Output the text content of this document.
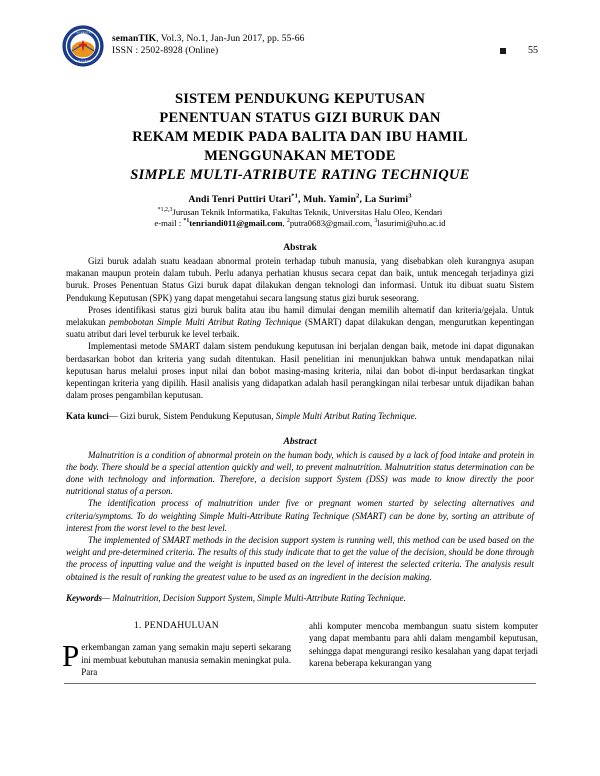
UNIVERSITAS
HALU OLEO
semanTIK, Vol.3, No.1, Jan-Jun 2017, pp. 55-66
ISSN : 2502-8928 (Online)	55
SISTEM PENDUKUNG KEPUTUSAN
PENENTUAN STATUS GIZI BURUK DAN
REKAM MEDIK PADA BALITA DAN IBU HAMIL
MENGGUNAKAN METODE
SIMPLE MULTI-ATRIBUTE RATING TECHNIQUE
Andi Tenri Puttiri Utari$^{*1}$, Muh. Yamin$^2$, La Surimi$^3$
$^{*1,2,3}$Jurusan Teknik Informatika, Fakultas Teknik, Universitas Halu Oleo, Kendari
e-mail : $^{*1}$tenriandi011@gmail.com, $^2$putra0683@gmail.com, $^3$lasurimi@uho.ac.id
Abstrak

Gizi buruk adalah suatu keadaan abnormal protein terhadap tubuh manusia, yang disebabkan oleh kurangnya asupan makanan maupun protein dalam tubuh. Perlu adanya perhatian khusus secara cepat dan baik, untuk mencegah terjadinya gizi buruk. Proses Penentuan Status Gizi buruk dapat dilakukan dengan teknologi dan informasi. Untuk itu dibuat suatu Sistem Pendukung Keputusan (SPK) yang dapat mengetahui secara langsung status gizi buruk seseorang.

Proses identifikasi status gizi buruk balita atau ibu hamil dimulai dengan memilih altematif dan kriteria/gejala. Untuk melakukan pembobotan Simple Multi Atribut Rating Technique (SMART) dapat dilakukan dengan, mengurutkan kepentingan suatu atribut dari level terburuk ke level terbaik.

Implementasi metode SMART dalam sistem pendukung keputusan ini berjalan dengan baik, metode ini dapat digunakan berdasarkan bobot dan kriteria yang sudah ditentukan. Hasil penelitian ini menunjukkan bahwa untuk mendapatkan nilai keputusan harus melalui proses input nilai dan bobot masing-masing kriteria, nilai dan bobot di-input berdasarkan tingkat kepentingan kriteria yang dipilih. Hasil analisis yang didapatkan adalah hasil perangkingan nilai terbesar untuk dijadikan bahan dalam proses pengambilan keputusan.

Kata kunci— Gizi buruk, Sistem Pendukung Keputusan, Simple Multi Atribut Rating Technique.
Abstract

Malnutrition is a condition of abnormal protein on the human body, which is caused by a lack of food intake and protein in the body. There should be a special attention quickly and well, to prevent malnutrition. Malnutrition status determination can be done with technology and information. Therefore, a decision support System (DSS) was made to know directly the poor nutritional status of a person.

The identification process of malnutrition under five or pregnant women started by selecting alternatives and criteria/symptoms. To do weighting Simple Multi-Attribute Rating Technique (SMART) can be done by, sorting an attribute of interest from the worst level to the best level.

The implemented of SMART methods in the decision support system is running well, this method can be used based on the weight and pre-determined criteria. The results of this study indicate that to get the value of the decision, should be done through the process of inputting value and the weight is inputted based on the level of interest the selected criteria. The analysis result obtained is the result of ranking the greatest value to be used as an ingredient in the decision making.

Keywords— Malnutrition, Decision Support System, Simple Multi-Attribute Rating Technique.
1. PENDAHULUAN

Perkembangan zaman yang semakin maju seperti sekarang ini membuat kebutuhan manusia semakin meningkat pula. Para

ahli komputer mencoba membangun suatu sistem komputer yang dapat membantu para ahli dalam mengambil keputusan, sehingga dapat mengurangi resiko kesalahan yang dapat terjadi karena beberapa kekurangan yang
